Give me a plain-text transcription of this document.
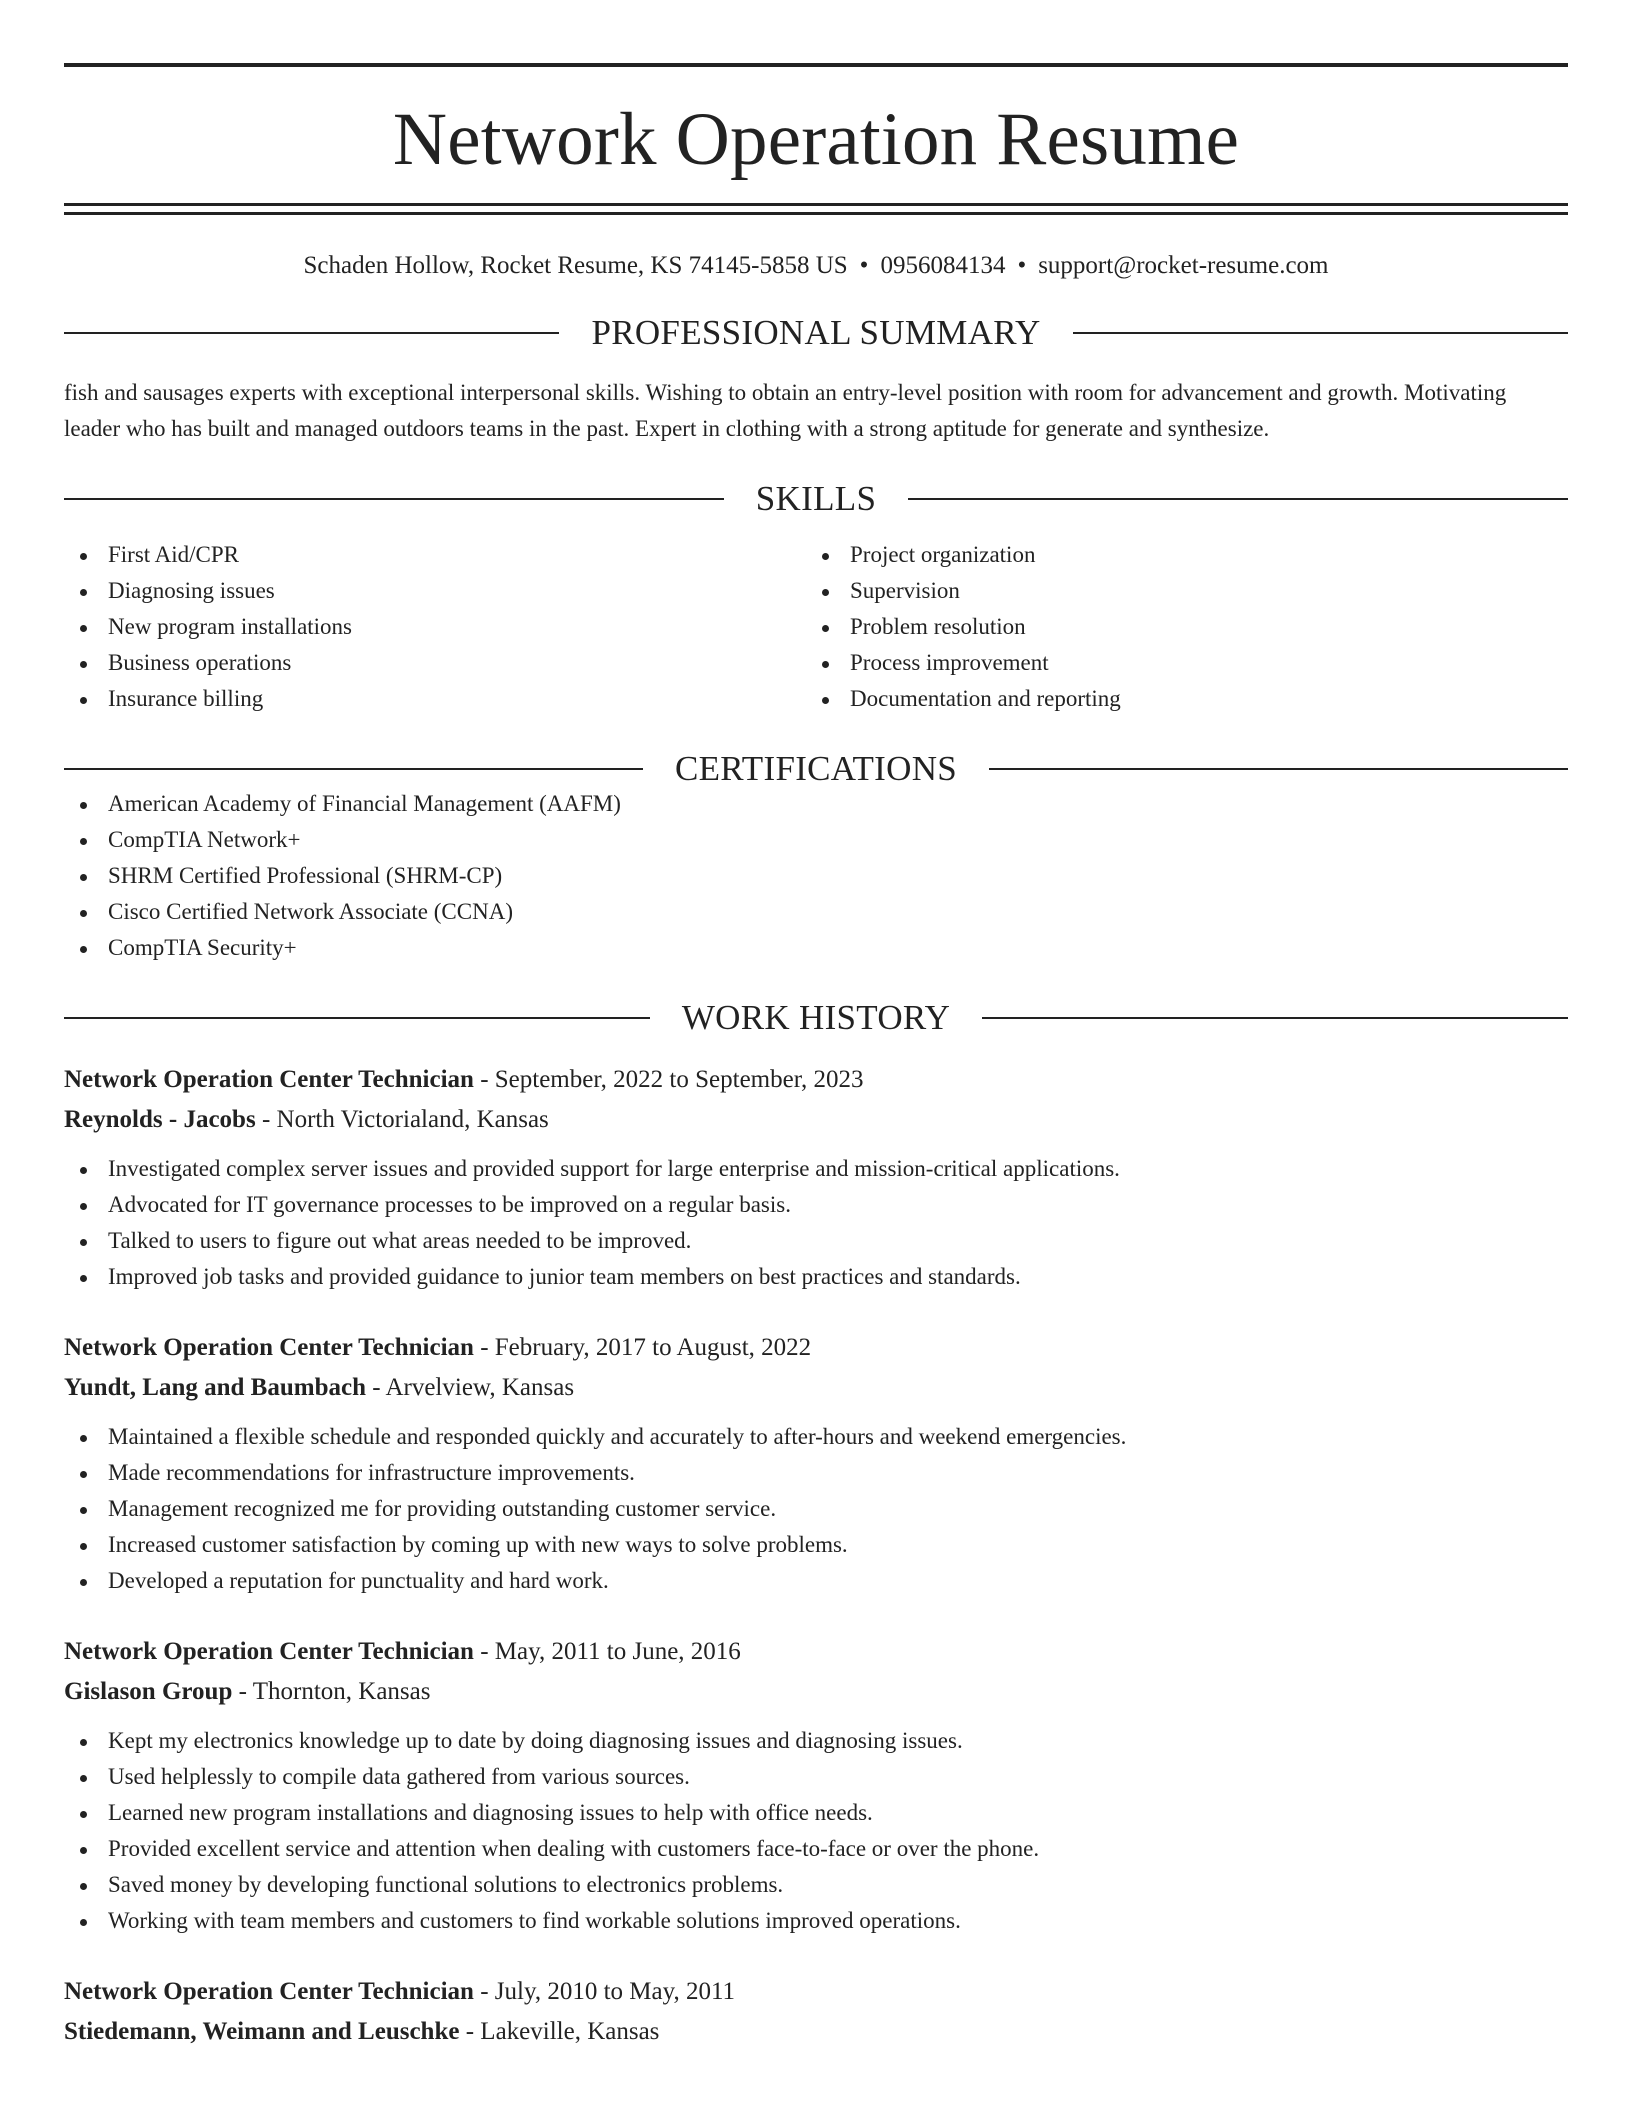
Network Operation Resume
Schaden Hollow, Rocket Resume, KS 74145-5858 US • 0956084134 • support@rocket-resume.com
PROFESSIONAL SUMMARY
fish and sausages experts with exceptional interpersonal skills. Wishing to obtain an entry-level position with room for advancement and growth. Motivating leader who has built and managed outdoors teams in the past. Expert in clothing with a strong aptitude for generate and synthesize.
SKILLS
First Aid/CPR
Diagnosing issues
New program installations
Business operations
Insurance billing
Project organization
Supervision
Problem resolution
Process improvement
Documentation and reporting
CERTIFICATIONS
American Academy of Financial Management (AAFM)
CompTIA Network+
SHRM Certified Professional (SHRM-CP)
Cisco Certified Network Associate (CCNA)
CompTIA Security+
WORK HISTORY
Network Operation Center Technician - September, 2022 to September, 2023
Reynolds - Jacobs - North Victorialand, Kansas
Investigated complex server issues and provided support for large enterprise and mission-critical applications.
Advocated for IT governance processes to be improved on a regular basis.
Talked to users to figure out what areas needed to be improved.
Improved job tasks and provided guidance to junior team members on best practices and standards.
Network Operation Center Technician - February, 2017 to August, 2022
Yundt, Lang and Baumbach - Arvelview, Kansas
Maintained a flexible schedule and responded quickly and accurately to after-hours and weekend emergencies.
Made recommendations for infrastructure improvements.
Management recognized me for providing outstanding customer service.
Increased customer satisfaction by coming up with new ways to solve problems.
Developed a reputation for punctuality and hard work.
Network Operation Center Technician - May, 2011 to June, 2016
Gislason Group - Thornton, Kansas
Kept my electronics knowledge up to date by doing diagnosing issues and diagnosing issues.
Used helplessly to compile data gathered from various sources.
Learned new program installations and diagnosing issues to help with office needs.
Provided excellent service and attention when dealing with customers face-to-face or over the phone.
Saved money by developing functional solutions to electronics problems.
Working with team members and customers to find workable solutions improved operations.
Network Operation Center Technician - July, 2010 to May, 2011
Stiedemann, Weimann and Leuschke - Lakeville, Kansas
